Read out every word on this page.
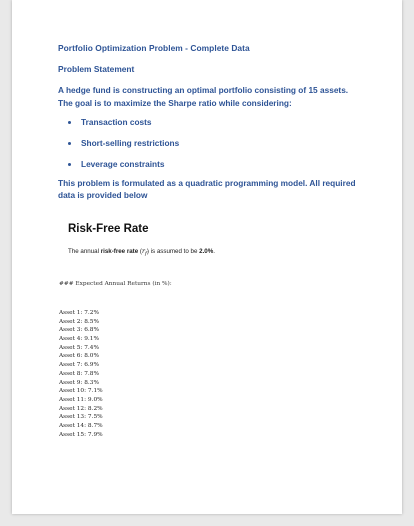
Portfolio Optimization Problem - Complete Data

Problem Statement

A hedge fund is constructing an optimal portfolio consisting of 15 assets. The goal is to maximize the Sharpe ratio while considering:

Transaction costs
Short-selling restrictions
Leverage constraints

This problem is formulated as a quadratic programming model. All required data is provided below

Risk-Free Rate

The annual risk-free rate $(r_f)$ is assumed to be 2.0%.

### Expected Annual Returns (in %):

Asset 1: 7.2%
Asset 2: 8.5%
Asset 3: 6.8%
Asset 4: 9.1%
Asset 5: 7.4%
Asset 6: 8.0%
Asset 7: 6.9%
Asset 8: 7.8%
Asset 9: 8.3%
Asset 10: 7.1%
Asset 11: 9.0%
Asset 12: 8.2%
Asset 13: 7.5%
Asset 14: 8.7%
Asset 15: 7.9%
